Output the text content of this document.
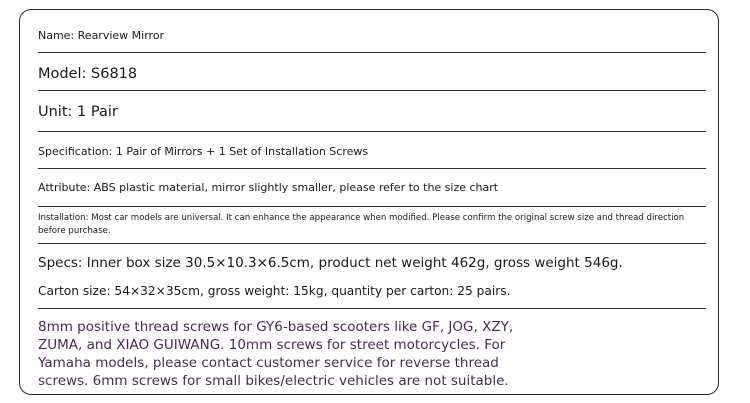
Name: Rearview Mirror
Model: S6818
Unit: 1 Pair
Specification: 1 Pair of Mirrors + 1 Set of Installation Screws
Attribute: ABS plastic material, mirror slightly smaller, please refer to the size chart
Installation: Most car models are universal. It can enhance the appearance when modified. Please confirm the original screw size and thread direction before purchase.
Specs: Inner box size 30.5×10.3×6.5cm, product net weight 462g, gross weight 546g.
Carton size: 54×32×35cm, gross weight: 15kg, quantity per carton: 25 pairs.
8mm positive thread screws for GY6-based scooters like GF, JOG, XZY,
ZUMA, and XIAO GUIWANG. 10mm screws for street motorcycles. For
Yamaha models, please contact customer service for reverse thread
screws. 6mm screws for small bikes/electric vehicles are not suitable.
